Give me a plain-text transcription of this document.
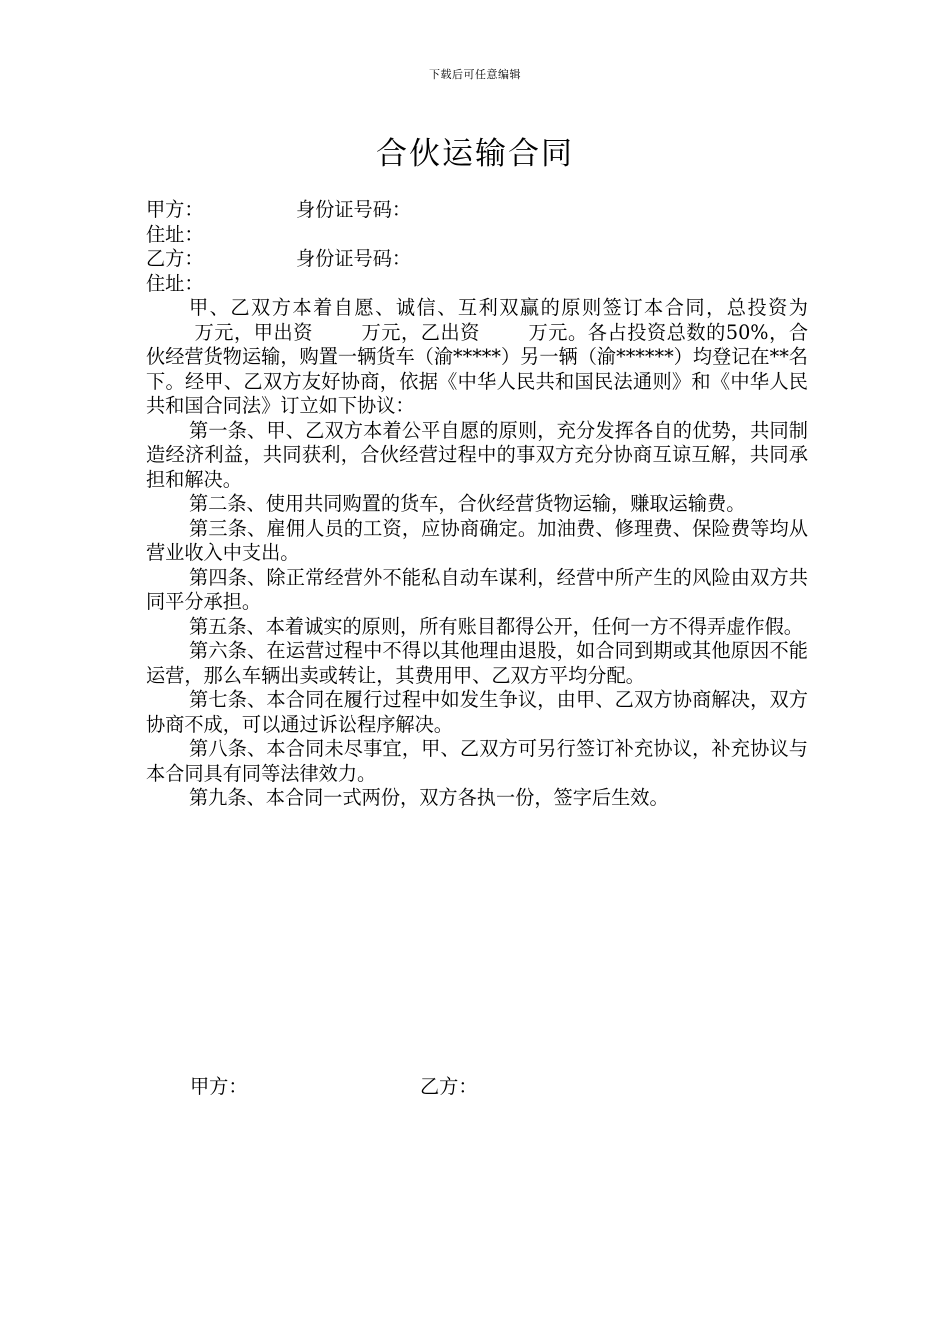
下载后可任意编辑
合伙运输合同
甲方：	身份证号码：
住址：
乙方：	身份证号码：
住址：

甲、乙双方本着自愿、诚信、互利双赢的原则签订本合同，总投资为万元，甲出资	万元，乙出资	万元。各占投资总数的50%，合伙经营货物运输，购置一辆货车（渝*****）另一辆（渝******）均登记在**名下。经甲、乙双方友好协商，依据《中华人民共和国民法通则》和《中华人民共和国合同法》订立如下协议：

第一条、甲、乙双方本着公平自愿的原则，充分发挥各自的优势，共同制造经济利益，共同获利，合伙经营过程中的事双方充分协商互谅互解，共同承担和解决。

第二条、使用共同购置的货车，合伙经营货物运输，赚取运输费。

第三条、雇佣人员的工资，应协商确定。加油费、修理费、保险费等均从营业收入中支出。

第四条、除正常经营外不能私自动车谋利，经营中所产生的风险由双方共同平分承担。

第五条、本着诚实的原则，所有账目都得公开，任何一方不得弄虚作假。

第六条、在运营过程中不得以其他理由退股，如合同到期或其他原因不能运营，那么车辆出卖或转让，其费用甲、乙双方平均分配。

第七条、本合同在履行过程中如发生争议，由甲、乙双方协商解决，双方协商不成，可以通过诉讼程序解决。

第八条、本合同未尽事宜，甲、乙双方可另行签订补充协议，补充协议与本合同具有同等法律效力。

第九条、本合同一式两份，双方各执一份，签字后生效。

甲方：	乙方：
